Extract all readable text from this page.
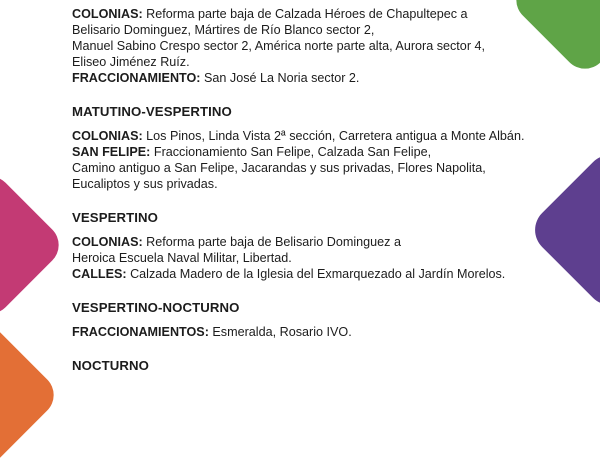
COLONIAS: Reforma parte baja de Calzada Héroes de Chapultepec a

Belisario Dominguez, Mártires de Río Blanco sector 2,

Manuel Sabino Crespo sector 2, América norte parte alta, Aurora sector 4,

Eliseo Jiménez Ruíz.

FRACCIONAMIENTO: San José La Noria sector 2.

MATUTINO-VESPERTINO

COLONIAS: Los Pinos, Linda Vista 2ª sección, Carretera antigua a Monte Albán.

SAN FELIPE: Fraccionamiento San Felipe, Calzada San Felipe,

Camino antiguo a San Felipe, Jacarandas y sus privadas, Flores Napolita,

Eucaliptos y sus privadas.

VESPERTINO

COLONIAS: Reforma parte baja de Belisario Dominguez a

Heroica Escuela Naval Militar, Libertad.

CALLES: Calzada Madero de la Iglesia del Exmarquezado al Jardín Morelos.

VESPERTINO-NOCTURNO

FRACCIONAMIENTOS: Esmeralda, Rosario IVO.

NOCTURNO
